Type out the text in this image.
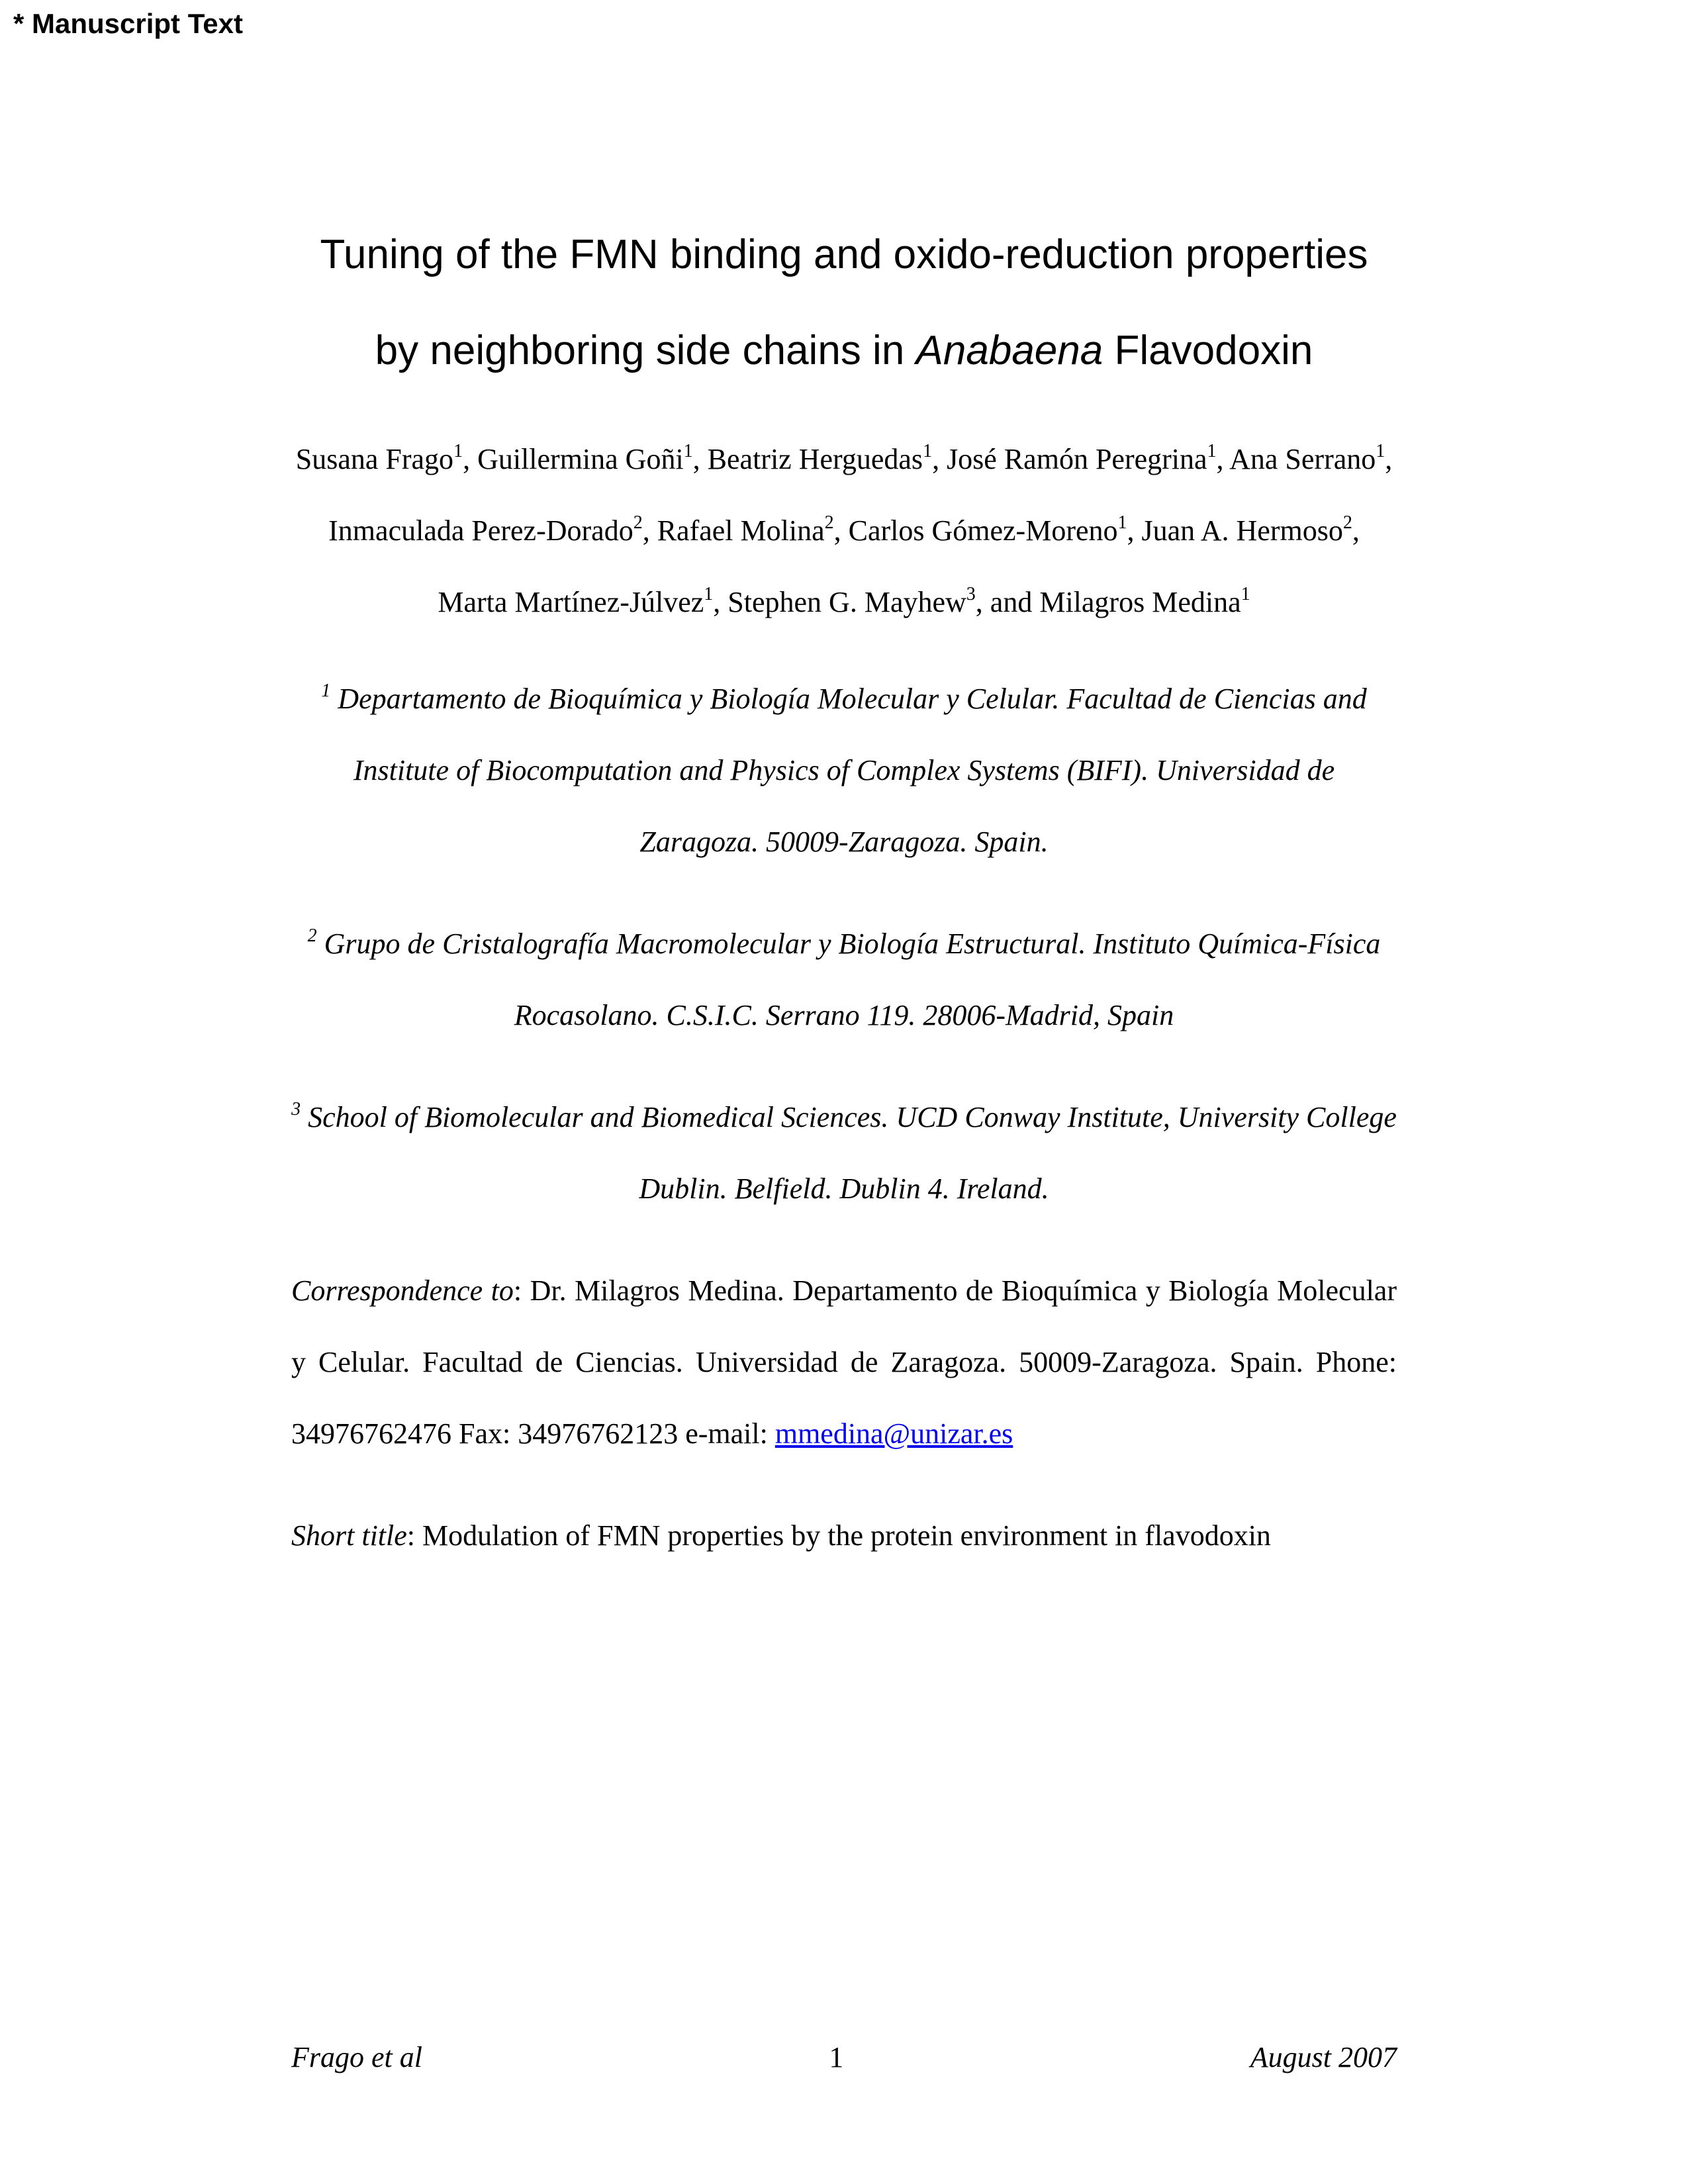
* Manuscript Text
Tuning of the FMN binding and oxido-reduction properties
by neighboring side chains in Anabaena Flavodoxin
Susana Frago$^1$, Guillermina Goñi$^1$, Beatriz Herguedas$^1$, José Ramón Peregrina$^1$, Ana Serrano$^1$, Inmaculada Perez-Dorado$^2$, Rafael Molina$^2$, Carlos Gómez-Moreno$^1$, Juan A. Hermoso$^2$, Marta Martínez-Júlvez$^1$, Stephen G. Mayhew$^3$, and Milagros Medina$^1$
$^1$ Departamento de Bioquímica y Biología Molecular y Celular. Facultad de Ciencias and Institute of Biocomputation and Physics of Complex Systems (BIFI). Universidad de Zaragoza. 50009-Zaragoza. Spain.
$^2$ Grupo de Cristalografía Macromolecular y Biología Estructural. Instituto Química-Física Rocasolano. C.S.I.C. Serrano 119. 28006-Madrid, Spain
$^3$ School of Biomolecular and Biomedical Sciences. UCD Conway Institute, University College Dublin. Belfield. Dublin 4. Ireland.
Correspondence to: Dr. Milagros Medina. Departamento de Bioquímica y Biología Molecular y Celular. Facultad de Ciencias. Universidad de Zaragoza. 50009-Zaragoza. Spain. Phone: 34976762476 Fax: 34976762123 e-mail: mmedina@unizar.es
Short title: Modulation of FMN properties by the protein environment in flavodoxin
Frago et al	1	August 2007
